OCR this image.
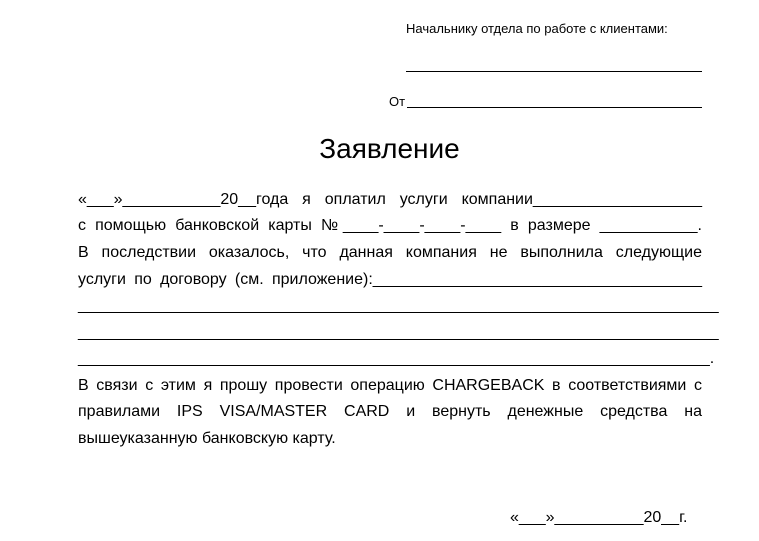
Начальнику отдела по работе с клиентами:
От
Заявление
«___»___________20__года я оплатил услуги компании___________________
с помощью банковской карты №____-____-____-____ в размере ___________.
В последствии оказалось, что данная компания не выполнила следующие
услуги по договору (см. приложение):_____________________________________
________________________________________________________________________
________________________________________________________________________
_______________________________________________________________________.
В связи с этим я прошу провести операцию CHARGEBACK в соответствиями с
правилами IPS VISA/MASTER CARD и вернуть денежные средства на
вышеуказанную банковскую карту.
«___»__________20__г.
